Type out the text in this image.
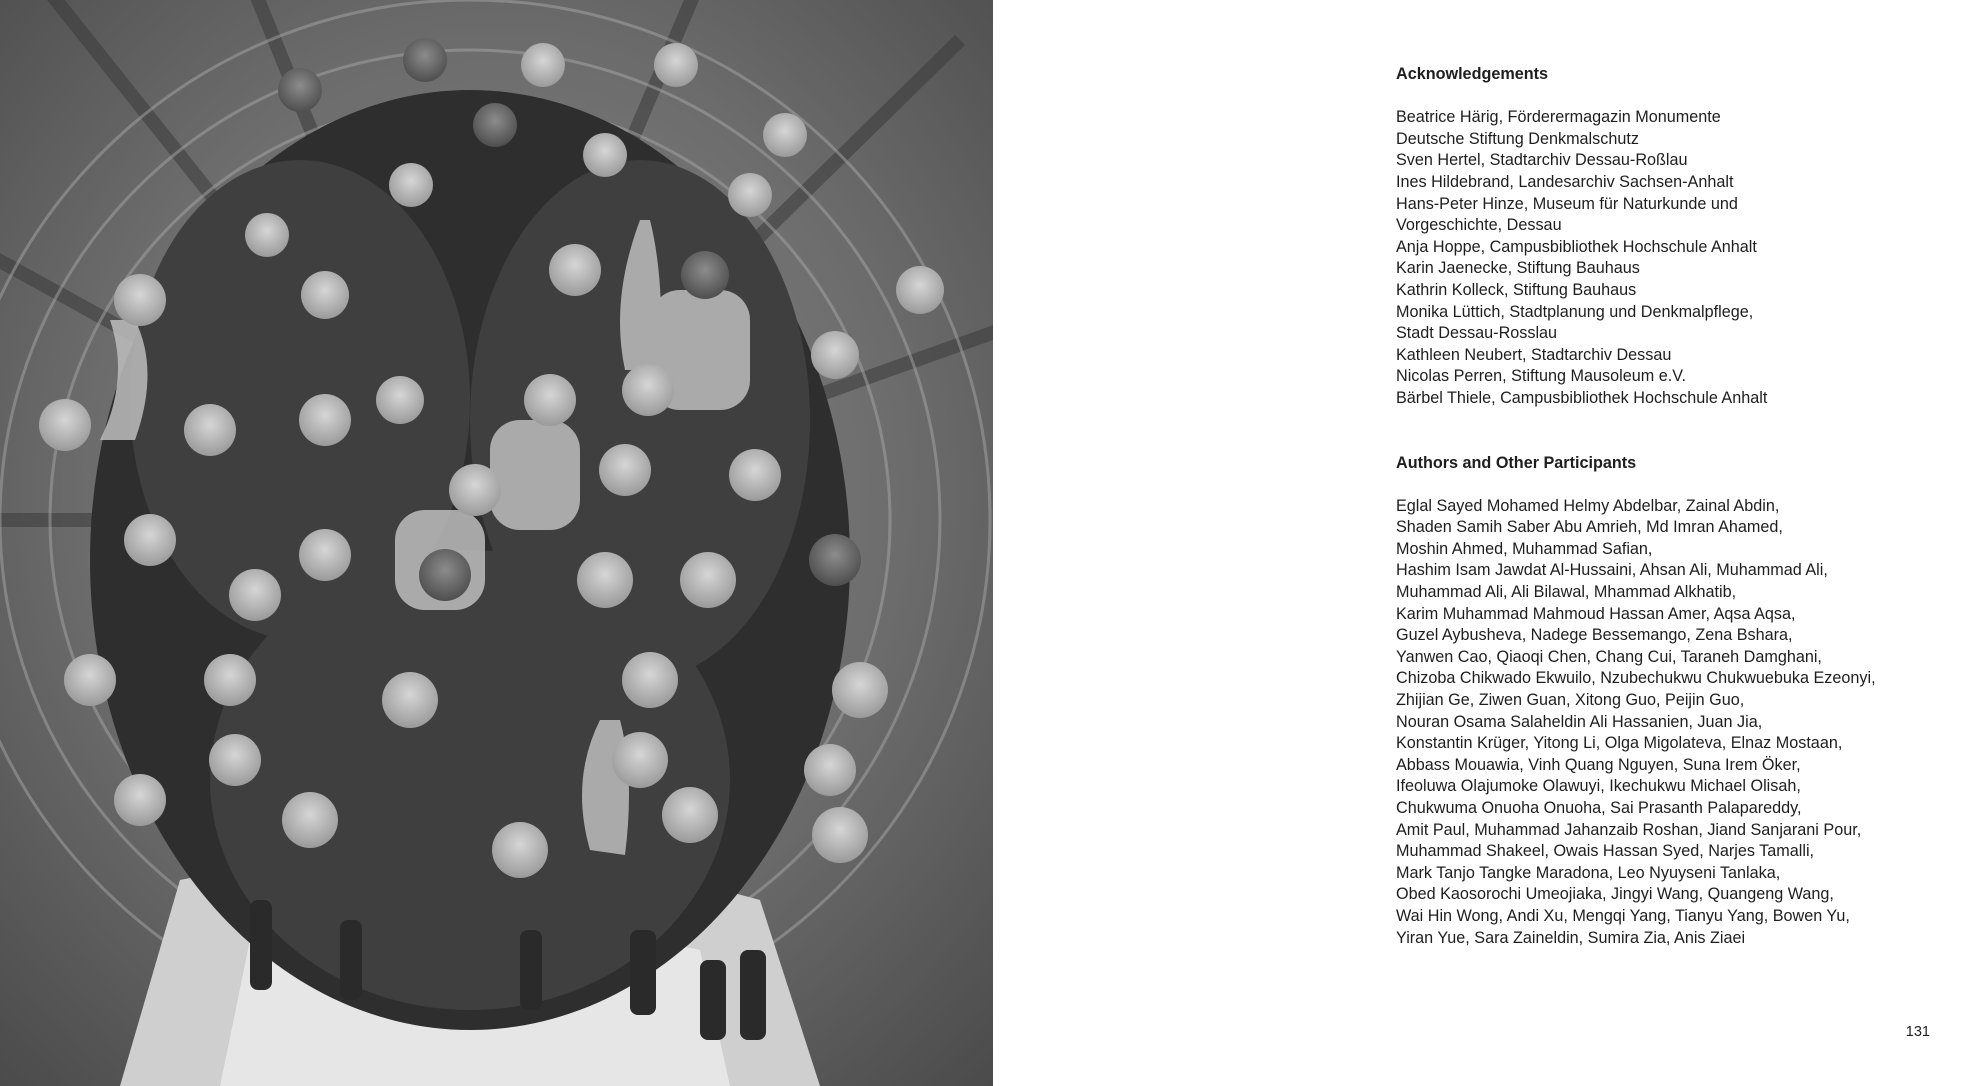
Acknowledgements
Beatrice Härig, Förderermagazin Monumente
Deutsche Stiftung Denkmalschutz
Sven Hertel, Stadtarchiv Dessau-Roßlau
Ines Hildebrand, Landesarchiv Sachsen-Anhalt
Hans-Peter Hinze, Museum für Naturkunde und
Vorgeschichte, Dessau
Anja Hoppe, Campusbibliothek Hochschule Anhalt
Karin Jaenecke, Stiftung Bauhaus
Kathrin Kolleck, Stiftung Bauhaus
Monika Lüttich, Stadtplanung und Denkmalpflege,
Stadt Dessau-Rosslau
Kathleen Neubert, Stadtarchiv Dessau
Nicolas Perren, Stiftung Mausoleum e.V.
Bärbel Thiele, Campusbibliothek Hochschule Anhalt
Authors and Other Participants
Eglal Sayed Mohamed Helmy Abdelbar, Zainal Abdin,
Shaden Samih Saber Abu Amrieh, Md Imran Ahamed,
Moshin Ahmed, Muhammad Safian,
Hashim Isam Jawdat Al-Hussaini, Ahsan Ali, Muhammad Ali,
Muhammad Ali, Ali Bilawal, Mhammad Alkhatib,
Karim Muhammad Mahmoud Hassan Amer, Aqsa Aqsa,
Guzel Aybusheva, Nadege Bessemango, Zena Bshara,
Yanwen Cao, Qiaoqi Chen, Chang Cui, Taraneh Damghani,
Chizoba Chikwado Ekwuilo, Nzubechukwu Chukwuebuka Ezeonyi,
Zhijian Ge, Ziwen Guan, Xitong Guo, Peijin Guo,
Nouran Osama Salaheldin Ali Hassanien, Juan Jia,
Konstantin Krüger, Yitong Li, Olga Migolateva, Elnaz Mostaan,
Abbass Mouawia, Vinh Quang Nguyen, Suna Irem Öker,
Ifeoluwa Olajumoke Olawuyi, Ikechukwu Michael Olisah,
Chukwuma Onuoha Onuoha, Sai Prasanth Palapareddy,
Amit Paul, Muhammad Jahanzaib Roshan, Jiand Sanjarani Pour,
Muhammad Shakeel, Owais Hassan Syed, Narjes Tamalli,
Mark Tanjo Tangke Maradona, Leo Nyuyseni Tanlaka,
Obed Kaosorochi Umeojiaka, Jingyi Wang, Quangeng Wang,
Wai Hin Wong, Andi Xu, Mengqi Yang, Tianyu Yang, Bowen Yu,
Yiran Yue, Sara Zaineldin, Sumira Zia, Anis Ziaei
131
